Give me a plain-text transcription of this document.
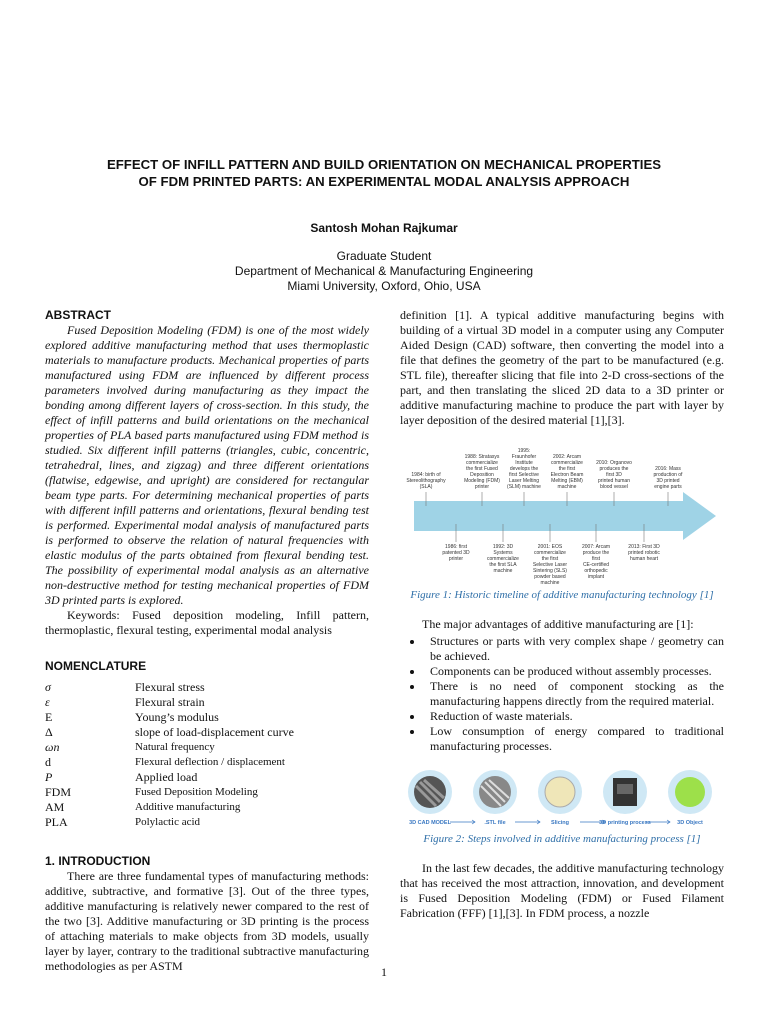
EFFECT OF INFILL PATTERN AND BUILD ORIENTATION ON MECHANICAL PROPERTIES
OF FDM PRINTED PARTS: AN EXPERIMENTAL MODAL ANALYSIS APPROACH
Santosh Mohan Rajkumar
Graduate Student
Department of Mechanical & Manufacturing Engineering
Miami University, Oxford, Ohio, USA

ABSTRACT

Fused Deposition Modeling (FDM) is one of the most widely explored additive manufacturing method that uses thermoplastic materials to manufacture products. Mechanical properties of parts manufactured using FDM are influenced by different process parameters involved during manufacturing as they impact the bonding among different layers of cross-section. In this study, the effect of infill patterns and build orientations on the mechanical properties of PLA based parts manufactured using FDM method is studied. Six different infill patterns (triangles, cubic, concentric, tetrahedral, lines, and zigzag) and three different orientations (flatwise, edgewise, and upright) are considered for rectangular beam type parts. For determining mechanical properties of parts with different infill patterns and orientations, flexural bending test is performed. Experimental modal analysis of manufactured parts is performed to observe the relation of natural frequencies with elastic modulus of the parts obtained from flexural bending test. The possibility of experimental modal analysis as an alternative non-destructive method for testing mechanical properties of FDM 3D printed parts is explored.

Keywords: Fused deposition modeling, Infill pattern, thermoplastic, flexural testing, experimental modal analysis

NOMENCLATURE

σ	Flexural stress
ε	Flexural strain
E	Young’s modulus
Δ	slope of load-displacement curve
ωn	Natural frequency
d	Flexural deflection / displacement
P	Applied load
FDM	Fused Deposition Modeling
AM	Additive manufacturing
PLA	Polylactic acid

1. INTRODUCTION

There are three fundamental types of manufacturing methods: additive, subtractive, and formative [3]. Out of the three types, additive manufacturing is relatively newer compared to the rest of the two [3]. Additive manufacturing or 3D printing is the process of attaching materials to make objects from 3D models, usually layer by layer, contrary to the traditional subtractive manufacturing methodologies as per ASTM

definition [1]. A typical additive manufacturing begins with building of a virtual 3D model in a computer using any Computer Aided Design (CAD) software, then converting the model into a file that defines the geometry of the part to be manufactured (e.g. STL file), thereafter slicing that file into 2-D cross-sections of the part, and then translating the sliced 2D data to a 3D printer or additive manufacturing machine to produce the part with layer by layer deposition of the desired material [1],[3].

1984: birth of Stereolithography (SLA)
1988: Stratasys commercialize the first Fused Deposition Modeling (FDM) printer
1995: Fraunhofer Institute develops the first Selective Laser Melting (SLM) machine
2002: Arcam commercialize the first Electron Beam Melting (EBM) machine
2010: Organovo produces the first 3D printed human blood vessel
2016: Mass production of 3D printed engine parts
1986: first patented 3D printer
1992: 3D Systems commercialize the first SLA machine
2001: EOS commercialize the first Selective Laser Sintering (SLS) powder based machine
2007: Arcam produce the first CE-certified orthopedic implant
2013: First 3D printed robotic human heart
Figure 1: Historic timeline of additive manufacturing technology [1]

The major advantages of additive manufacturing are [1]:

• Structures or parts with very complex shape / geometry can be achieved.
• Components can be produced without assembly processes.
• There is no need of component stocking as the manufacturing happens directly from the required material.
• Reduction of waste materials.
• Low consumption of energy compared to traditional manufacturing processes.
3D CAD MODEL	.STL file	Slicing	3D printing process	3D Object
Figure 2: Steps involved in additive manufacturing process [1]

In the last few decades, the additive manufacturing technology that has received the most attraction, innovation, and development is Fused Deposition Modeling (FDM) or Fused Filament Fabrication (FFF) [1],[3]. In FDM process, a nozzle

1
